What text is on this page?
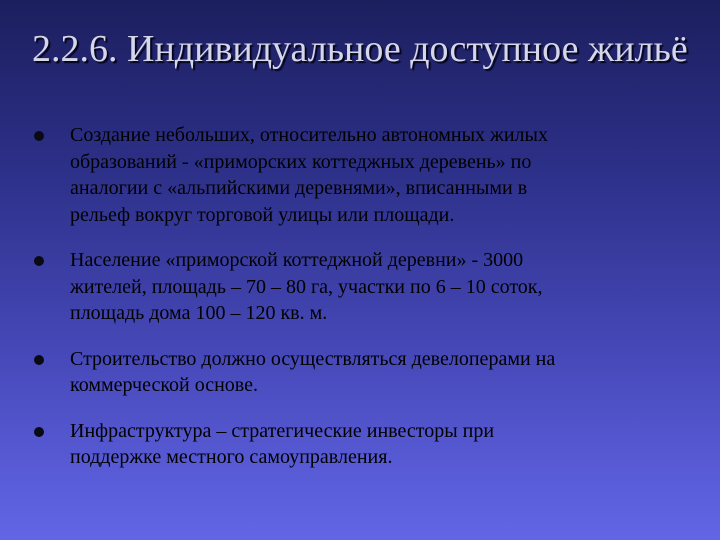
2.2.6. Индивидуальное доступное жильё
Создание небольших, относительно автономных жилых
образований - «приморских коттеджных деревень» по
аналогии с «альпийскими деревнями», вписанными в
рельеф вокруг торговой улицы или площади.
Население «приморской коттеджной деревни» - 3000
жителей, площадь – 70 – 80 га, участки по 6 – 10 соток,
площадь дома 100 – 120 кв. м.
Строительство должно осуществляться девелоперами на
коммерческой основе.
Инфраструктура – стратегические инвесторы при
поддержке местного самоуправления.
